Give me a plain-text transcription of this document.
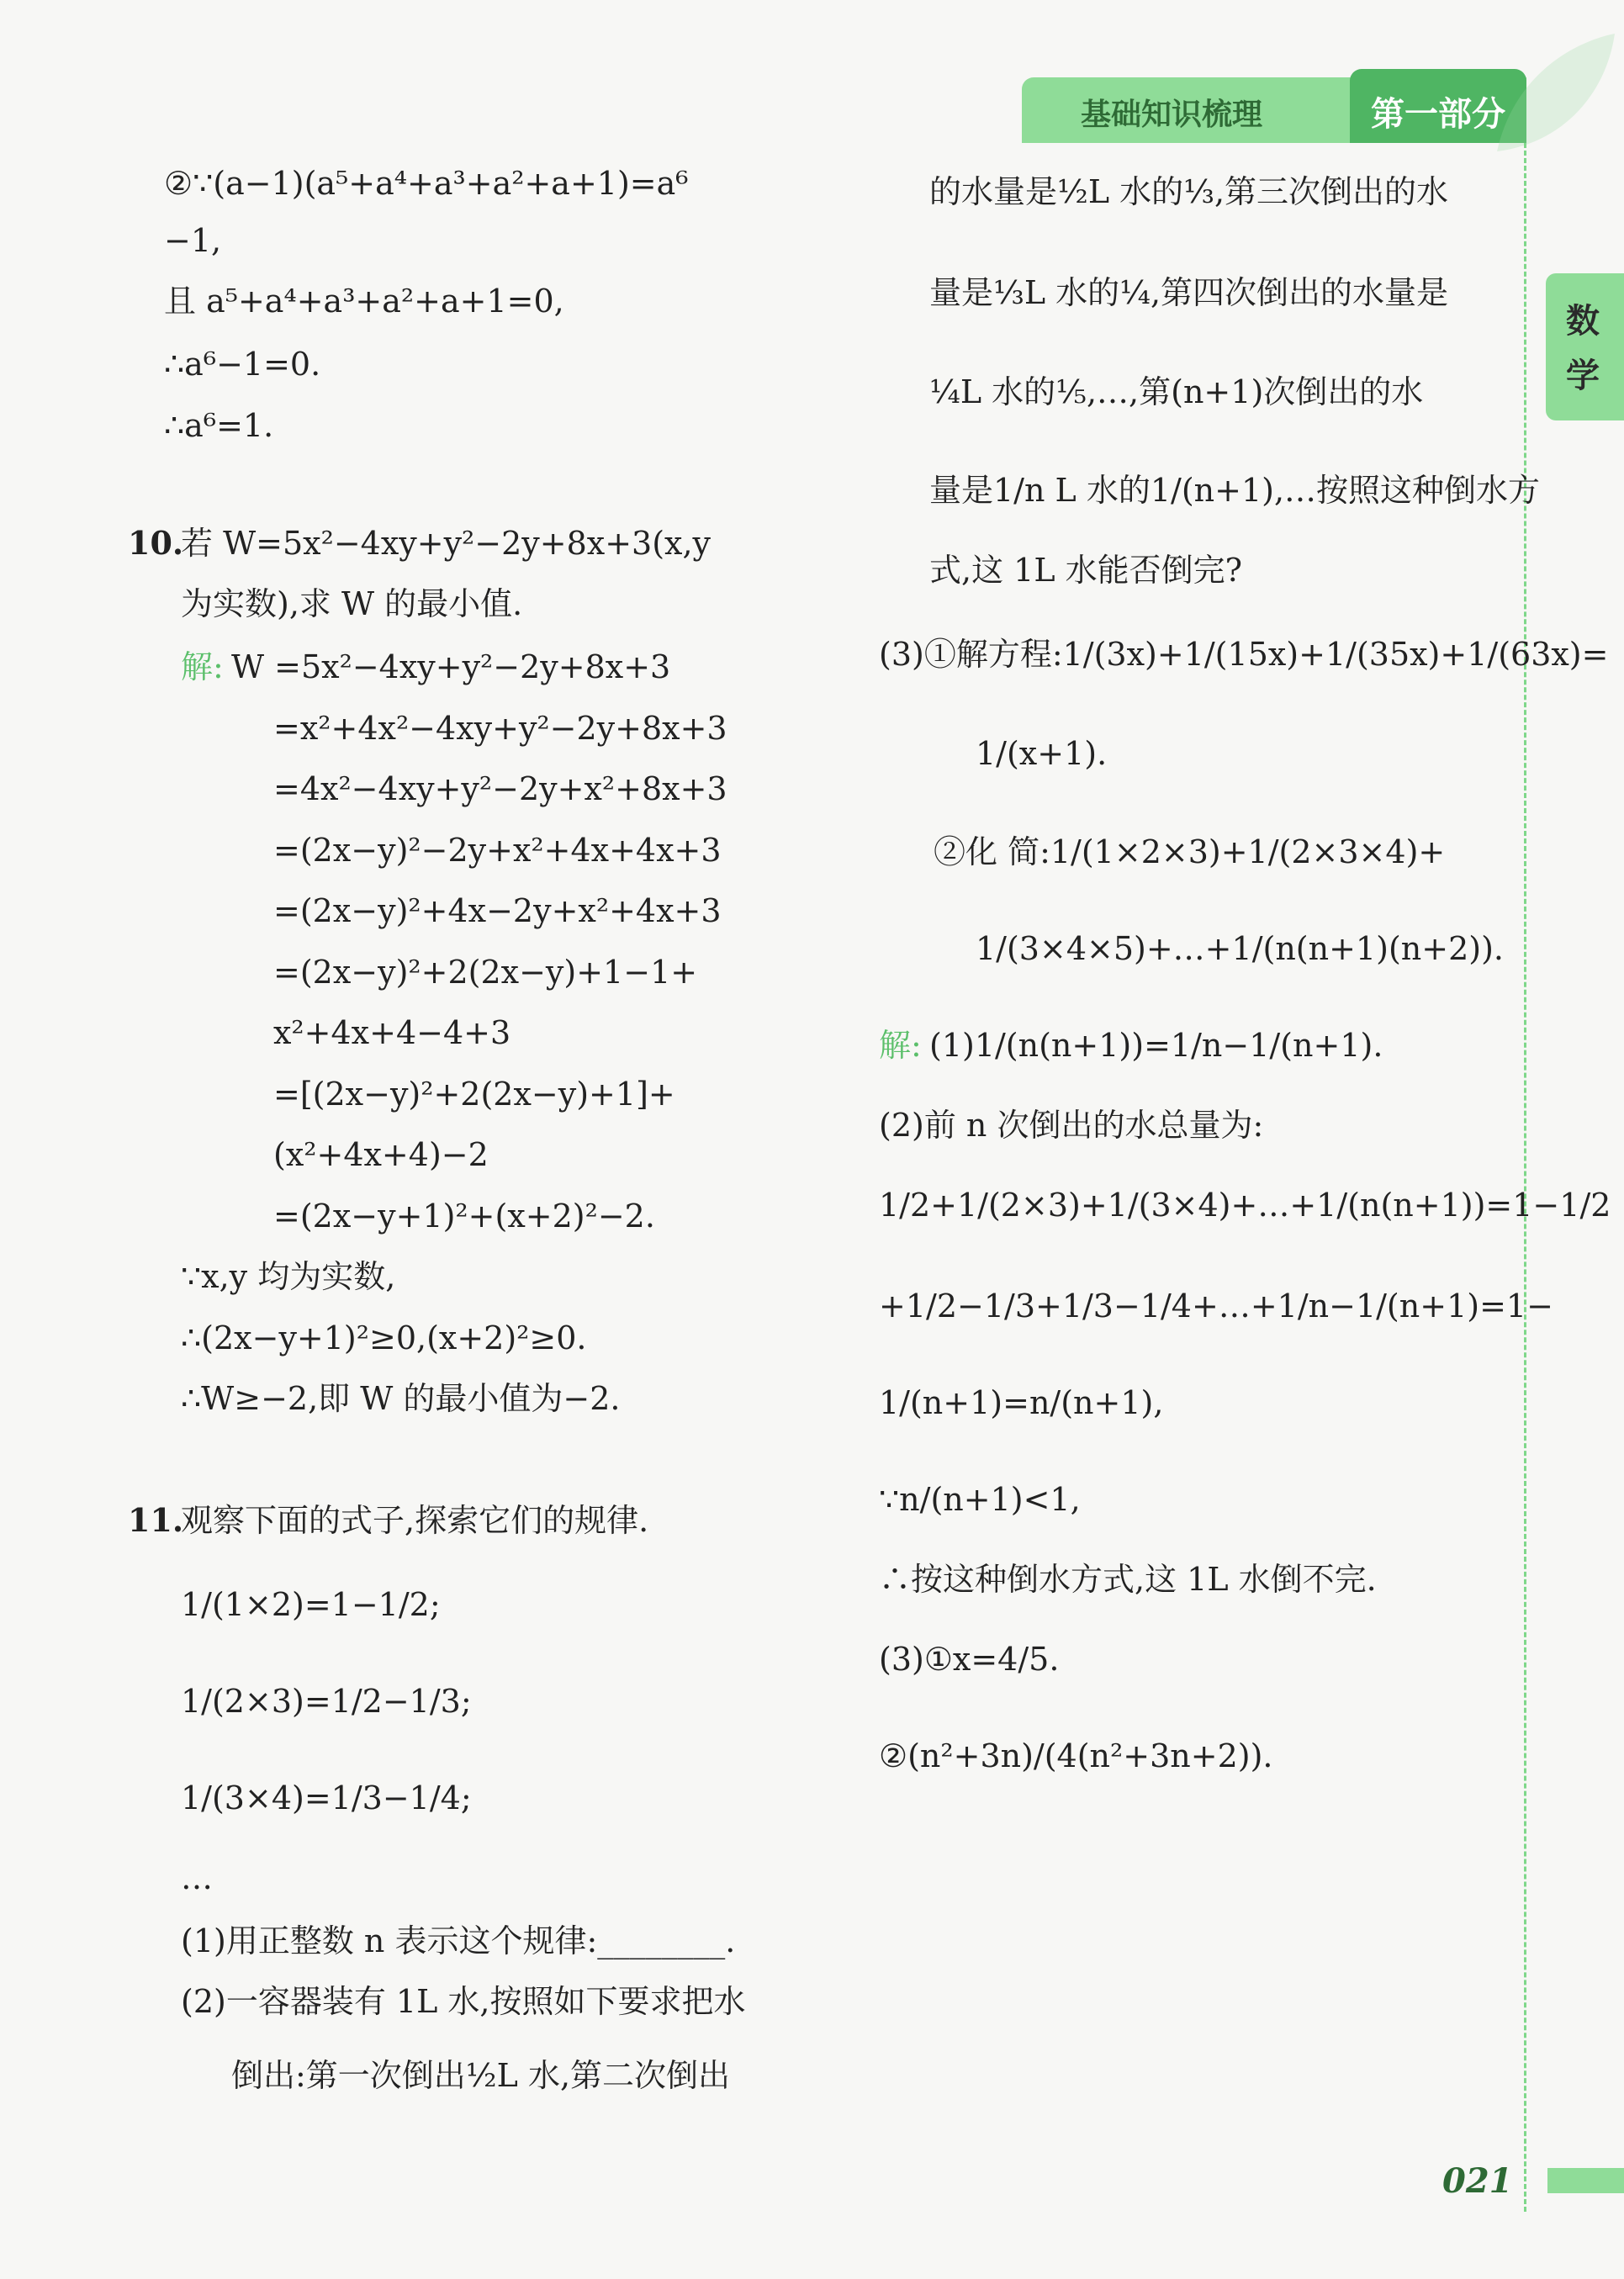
基础知识梳理	第一部分
数
学
021
②∵(a−1)(a⁵+a⁴+a³+a²+a+1)=a⁶
−1,
且 a⁵+a⁴+a³+a²+a+1=0,
∴a⁶−1=0.
∴a⁶=1.
10.
若 W=5x²−4xy+y²−2y+8x+3(x,y
为实数),求 W 的最小值.
解: W =5x²−4xy+y²−2y+8x+3
=x²+4x²−4xy+y²−2y+8x+3
=4x²−4xy+y²−2y+x²+8x+3
=(2x−y)²−2y+x²+4x+4x+3
=(2x−y)²+4x−2y+x²+4x+3
=(2x−y)²+2(2x−y)+1−1+
x²+4x+4−4+3
=[(2x−y)²+2(2x−y)+1]+
(x²+4x+4)−2
=(2x−y+1)²+(x+2)²−2.
∵x,y 均为实数,
∴(2x−y+1)²≥0,(x+2)²≥0.
∴W≥−2,即 W 的最小值为−2.
11.
观察下面的式子,探索它们的规律.
1/(1×2)=1−1/2;
1/(2×3)=1/2−1/3;
1/(3×4)=1/3−1/4;
…
(1)用正整数 n 表示这个规律:________.
(2)一容器装有 1L 水,按照如下要求把水
倒出:第一次倒出½L 水,第二次倒出
的水量是½L 水的⅓,第三次倒出的水
量是⅓L 水的¼,第四次倒出的水量是
¼L 水的⅕,…,第(n+1)次倒出的水
量是1/n L 水的1/(n+1),…按照这种倒水方
式,这 1L 水能否倒完?
(3)①解方程:1/(3x)+1/(15x)+1/(35x)+1/(63x)=
1/(x+1).
②化 简:1/(1×2×3)+1/(2×3×4)+
1/(3×4×5)+…+1/(n(n+1)(n+2)).
解: (1)1/(n(n+1))=1/n−1/(n+1).
(2)前 n 次倒出的水总量为:
1/2+1/(2×3)+1/(3×4)+…+1/(n(n+1))=1−1/2
+1/2−1/3+1/3−1/4+…+1/n−1/(n+1)=1−
1/(n+1)=n/(n+1),
∵n/(n+1)<1,
∴按这种倒水方式,这 1L 水倒不完.
(3)①x=4/5.
②(n²+3n)/(4(n²+3n+2)).
